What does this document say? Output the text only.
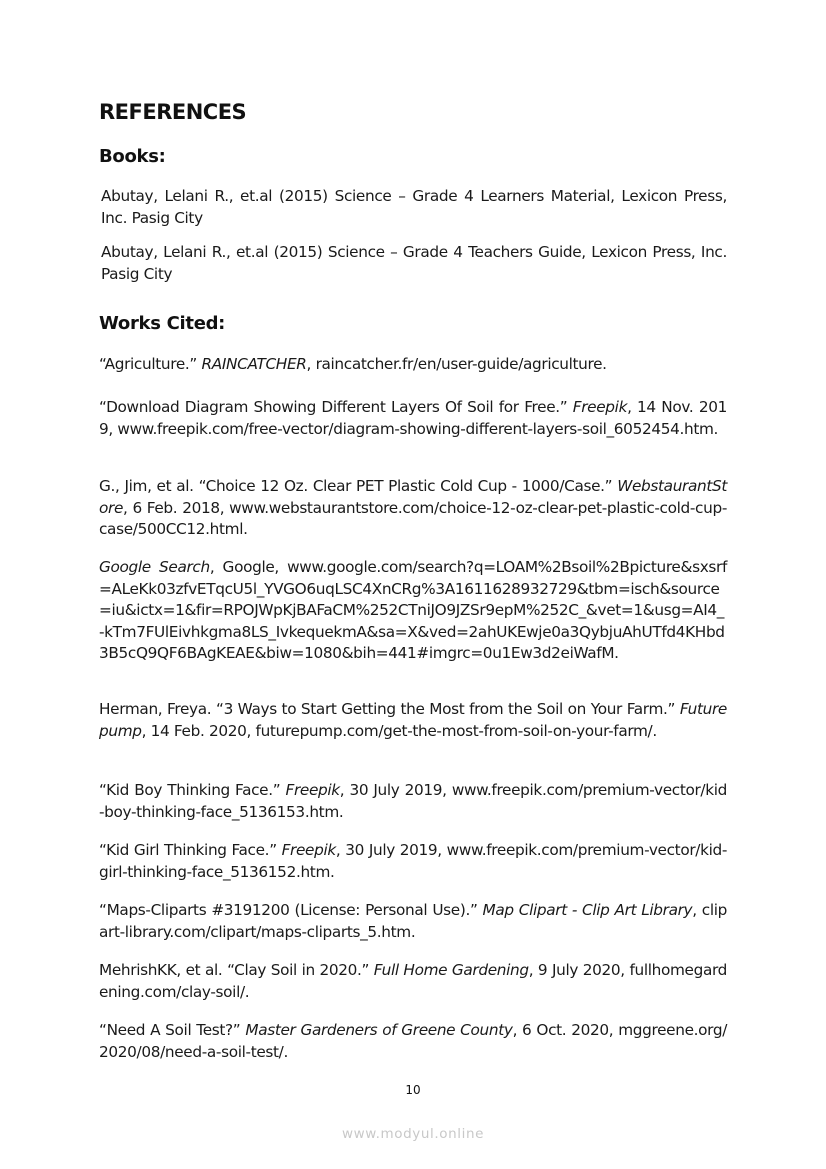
REFERENCES
Books:

Abutay, Lelani R., et.al (2015) Science – Grade 4 Learners Material, Lexicon Press, Inc. Pasig City

Abutay, Lelani R., et.al (2015) Science – Grade 4 Teachers Guide, Lexicon Press, Inc. Pasig City

Works Cited:

“Agriculture.” RAINCATCHER, raincatcher.fr/en/user-guide/agriculture.

“Download Diagram Showing Different Layers Of Soil for Free.” Freepik, 14 Nov. 2019, www.freepik.com/free-vector/diagram-showing-different-layers-soil_6052454.htm.

G., Jim, et al. “Choice 12 Oz. Clear PET Plastic Cold Cup - 1000/Case.” WebstaurantStore, 6 Feb. 2018, www.webstaurantstore.com/choice-12-oz-clear-pet-plastic-cold-cup-case/500CC12.html.

Google Search, Google, www.google.com/search?q=LOAM%2Bsoil%2Bpicture&sxsrf=ALeKk03zfvETqcU5l_YVGO6uqLSC4XnCRg%3A1611628932729&tbm=isch&source=iu&ictx=1&fir=RPOJWpKjBAFaCM%252CTniJO9JZSr9epM%252C_&vet=1&usg=AI4_-kTm7FUlEivhkgma8LS_IvkequekmA&sa=X&ved=2ahUKEwje0a3QybjuAhUTfd4KHbd3B5cQ9QF6BAgKEAE&biw=1080&bih=441#imgrc=0u1Ew3d2eiWafM.

Herman, Freya. “3 Ways to Start Getting the Most from the Soil on Your Farm.” Futurepump, 14 Feb. 2020, futurepump.com/get-the-most-from-soil-on-your-farm/.

“Kid Boy Thinking Face.” Freepik, 30 July 2019, www.freepik.com/premium-vector/kid-boy-thinking-face_5136153.htm.

“Kid Girl Thinking Face.” Freepik, 30 July 2019, www.freepik.com/premium-vector/kid-girl-thinking-face_5136152.htm.

“Maps-Cliparts #3191200 (License: Personal Use).” Map Clipart - Clip Art Library, clipart-library.com/clipart/maps-cliparts_5.htm.

MehrishKK, et al. “Clay Soil in 2020.” Full Home Gardening, 9 July 2020, fullhomegardening.com/clay-soil/.

“Need A Soil Test?” Master Gardeners of Greene County, 6 Oct. 2020, mggreene.org/2020/08/need-a-soil-test/.

10
www.modyul.online
